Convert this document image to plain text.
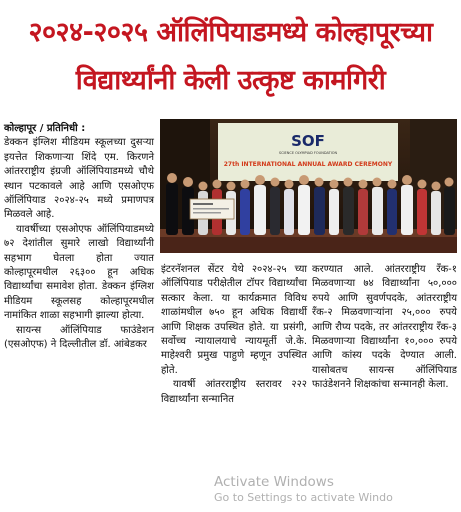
२०२४-२०२५ ऑलिंपियाडमध्ये कोल्हापूरच्या
विद्यार्थ्यांनी केली उत्कृष्ट कामगिरी
कोल्हापूर / प्रतिनिधी :

डेक्कन इंग्लिश मीडियम स्कूलच्या दुसऱ्या इयत्तेत शिकणाऱ्या शिंदे एम. किरणने आंतरराष्ट्रीय इंग्रजी ऑलिंपियाडमध्ये चौथे स्थान पटकावले आहे आणि एसओएफ ऑलिंपियाड २०२४-२५ मध्ये प्रमाणपत्र मिळवले आहे.

यावर्षीच्या एसओएफ ऑलिंपियाडमध्ये ७२ देशांतील सुमारे लाखो विद्यार्थ्यांनी सहभाग घेतला होता ज्यात कोल्हापूरमधील २६३०० हून अधिक विद्यार्थ्यांचा समावेश होता. डेक्कन इंग्लिश मीडियम स्कूलसह कोल्हापूरमधील नामांकित शाळा सहभागी झाल्या होत्या.

सायन्स ऑलिंपियाड फाउंडेशन (एसओएफ) ने दिल्लीतील डॉ. आंबेडकर

SOF
SCIENCE OLYMPIAD FOUNDATION
27th INTERNATIONAL ANNUAL AWARD CEREMONY

इंटरनॅशनल सेंटर येथे २०२४-२५ च्या ऑलिंपियाड परीक्षेतील टॉपर विद्यार्थ्यांचा सत्कार केला. या कार्यक्रमात विविध शाळांमधील ७५० हून अधिक विद्यार्थी आणि शिक्षक उपस्थित होते. या प्रसंगी, सर्वोच्च न्यायालयाचे न्यायमूर्ती जे.के. माहेश्वरी प्रमुख पाहुणे म्हणून उपस्थित होते.

यावर्षी आंतरराष्ट्रीय स्तरावर २२२ विद्यार्थ्यांना सन्मानित

करण्यात आले. आंतरराष्ट्रीय रँक-१ मिळवणाऱ्या ७४ विद्यार्थ्यांना ५०,००० रुपये आणि सुवर्णपदके, आंतरराष्ट्रीय रँक-२ मिळवणाऱ्यांना २५,००० रुपये आणि रौप्य पदके, तर आंतरराष्ट्रीय रँक-३ मिळवणाऱ्या विद्यार्थ्यांना १०,००० रुपये आणि कांस्य पदके देण्यात आली. यासोबतच सायन्स ऑलिंपियाड फाउंडेशनने शिक्षकांचा सन्मानही केला.

Activate Windows
Go to Settings to activate Windo
